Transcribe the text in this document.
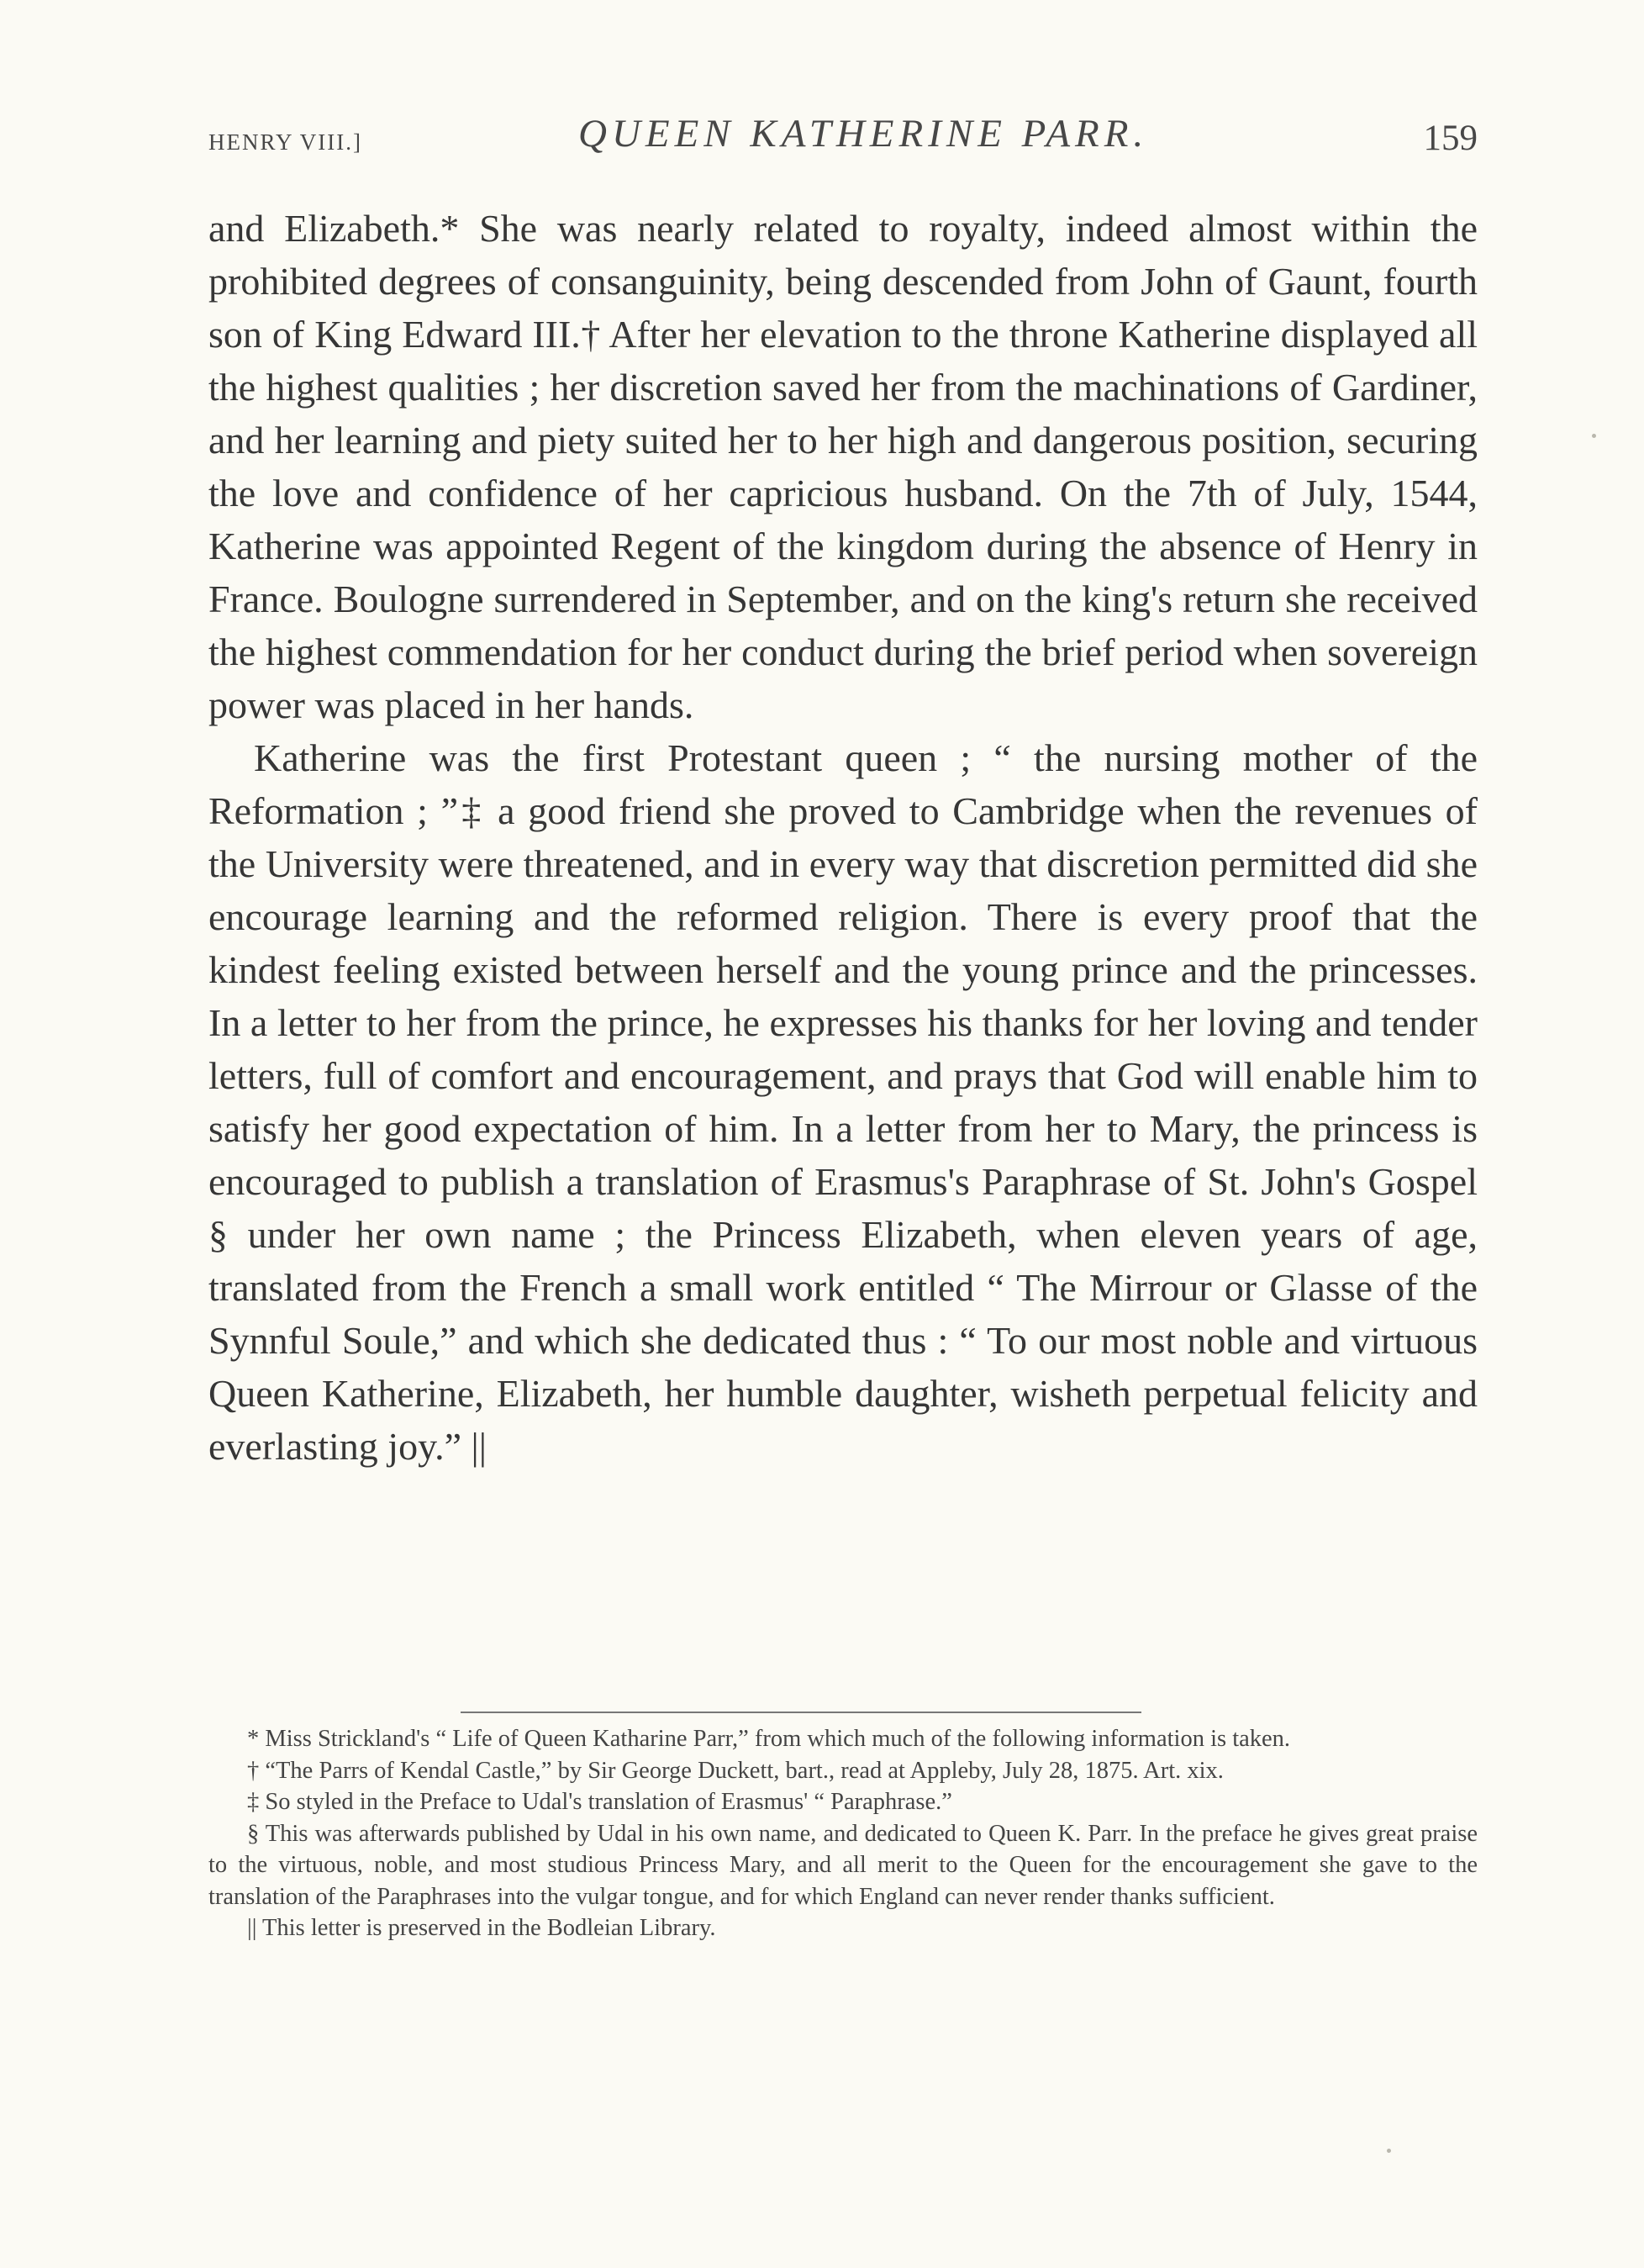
HENRY VIII.]	QUEEN KATHERINE PARR.	159

and Elizabeth.* She was nearly related to royalty, indeed almost within the prohibited degrees of consanguinity, being descended from John of Gaunt, fourth son of King Edward III.† After her elevation to the throne Katherine displayed all the highest qualities ; her discretion saved her from the machinations of Gardiner, and her learning and piety suited her to her high and dangerous position, securing the love and confidence of her capricious husband. On the 7th of July, 1544, Katherine was appointed Regent of the kingdom during the absence of Henry in France. Boulogne surrendered in September, and on the king's return she received the highest commendation for her conduct during the brief period when sovereign power was placed in her hands.

Katherine was the first Protestant queen ; “ the nursing mother of the Reformation ; ”‡ a good friend she proved to Cambridge when the revenues of the University were threatened, and in every way that discretion permitted did she encourage learning and the reformed religion. There is every proof that the kindest feeling existed between herself and the young prince and the princesses. In a letter to her from the prince, he expresses his thanks for her loving and tender letters, full of comfort and encouragement, and prays that God will enable him to satisfy her good expectation of him. In a letter from her to Mary, the princess is encouraged to publish a translation of Erasmus's Paraphrase of St. John's Gospel § under her own name ; the Princess Elizabeth, when eleven years of age, translated from the French a small work entitled “ The Mirrour or Glasse of the Synnful Soule,” and which she dedicated thus : “ To our most noble and virtuous Queen Katherine, Elizabeth, her humble daughter, wisheth perpetual felicity and everlasting joy.” ||

* Miss Strickland's “ Life of Queen Katharine Parr,” from which much of the following information is taken.

† “The Parrs of Kendal Castle,” by Sir George Duckett, bart., read at Appleby, July 28, 1875. Art. xix.

‡ So styled in the Preface to Udal's translation of Erasmus' “ Paraphrase.”

§ This was afterwards published by Udal in his own name, and dedicated to Queen K. Parr. In the preface he gives great praise to the virtuous, noble, and most studious Princess Mary, and all merit to the Queen for the encouragement she gave to the translation of the Paraphrases into the vulgar tongue, and for which England can never render thanks sufficient.

|| This letter is preserved in the Bodleian Library.
